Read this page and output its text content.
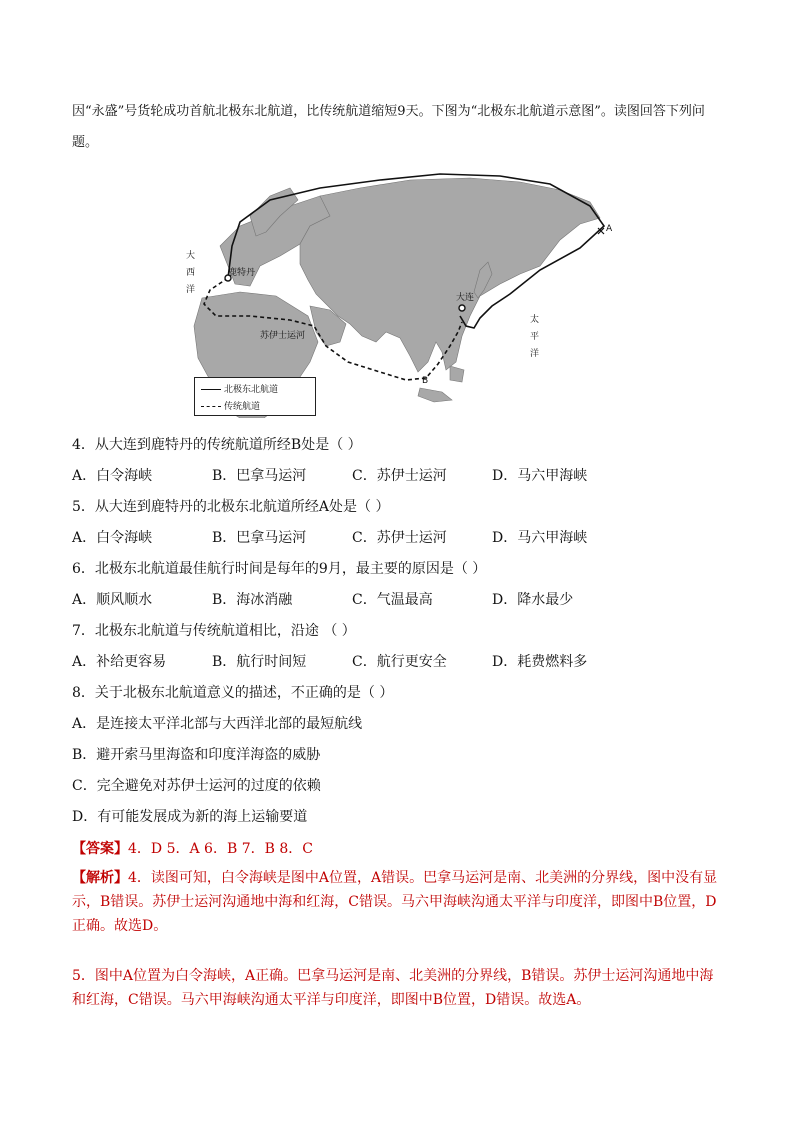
因“永盛”号货轮成功首航北极东北航道，比传统航道缩短9天。下图为“北极东北航道示意图”。读图回答下列问题。
鹿特丹
大连
苏伊士运河
B
A
大西洋
太平洋
北极东北航道
传统航道
4．从大连到鹿特丹的传统航道所经B处是（ ）
A．白令海峡	B．巴拿马运河	C．苏伊士运河	D．马六甲海峡
5．从大连到鹿特丹的北极东北航道所经A处是（ ）
A．白令海峡	B．巴拿马运河	C．苏伊士运河	D．马六甲海峡
6．北极东北航道最佳航行时间是每年的9月，最主要的原因是（ ）
A．顺风顺水	B．海冰消融	C．气温最高	D．降水最少
7．北极东北航道与传统航道相比，沿途 （ ）
A．补给更容易	B．航行时间短	C．航行更安全	D．耗费燃料多
8．关于北极东北航道意义的描述，不正确的是（ ）
A．是连接太平洋北部与大西洋北部的最短航线
B．避开索马里海盗和印度洋海盗的威胁
C．完全避免对苏伊士运河的过度的依赖
D．有可能发展成为新的海上运输要道
【答案】4．D 5．A 6．B 7．B 8．C
【解析】4．读图可知，白令海峡是图中A位置，A错误。巴拿马运河是南、北美洲的分界线，图中没有显示，B错误。苏伊士运河沟通地中海和红海，C错误。马六甲海峡沟通太平洋与印度洋，即图中B位置，D正确。故选D。
5．图中A位置为白令海峡，A正确。巴拿马运河是南、北美洲的分界线，B错误。苏伊士运河沟通地中海和红海，C错误。马六甲海峡沟通太平洋与印度洋，即图中B位置，D错误。故选A。
